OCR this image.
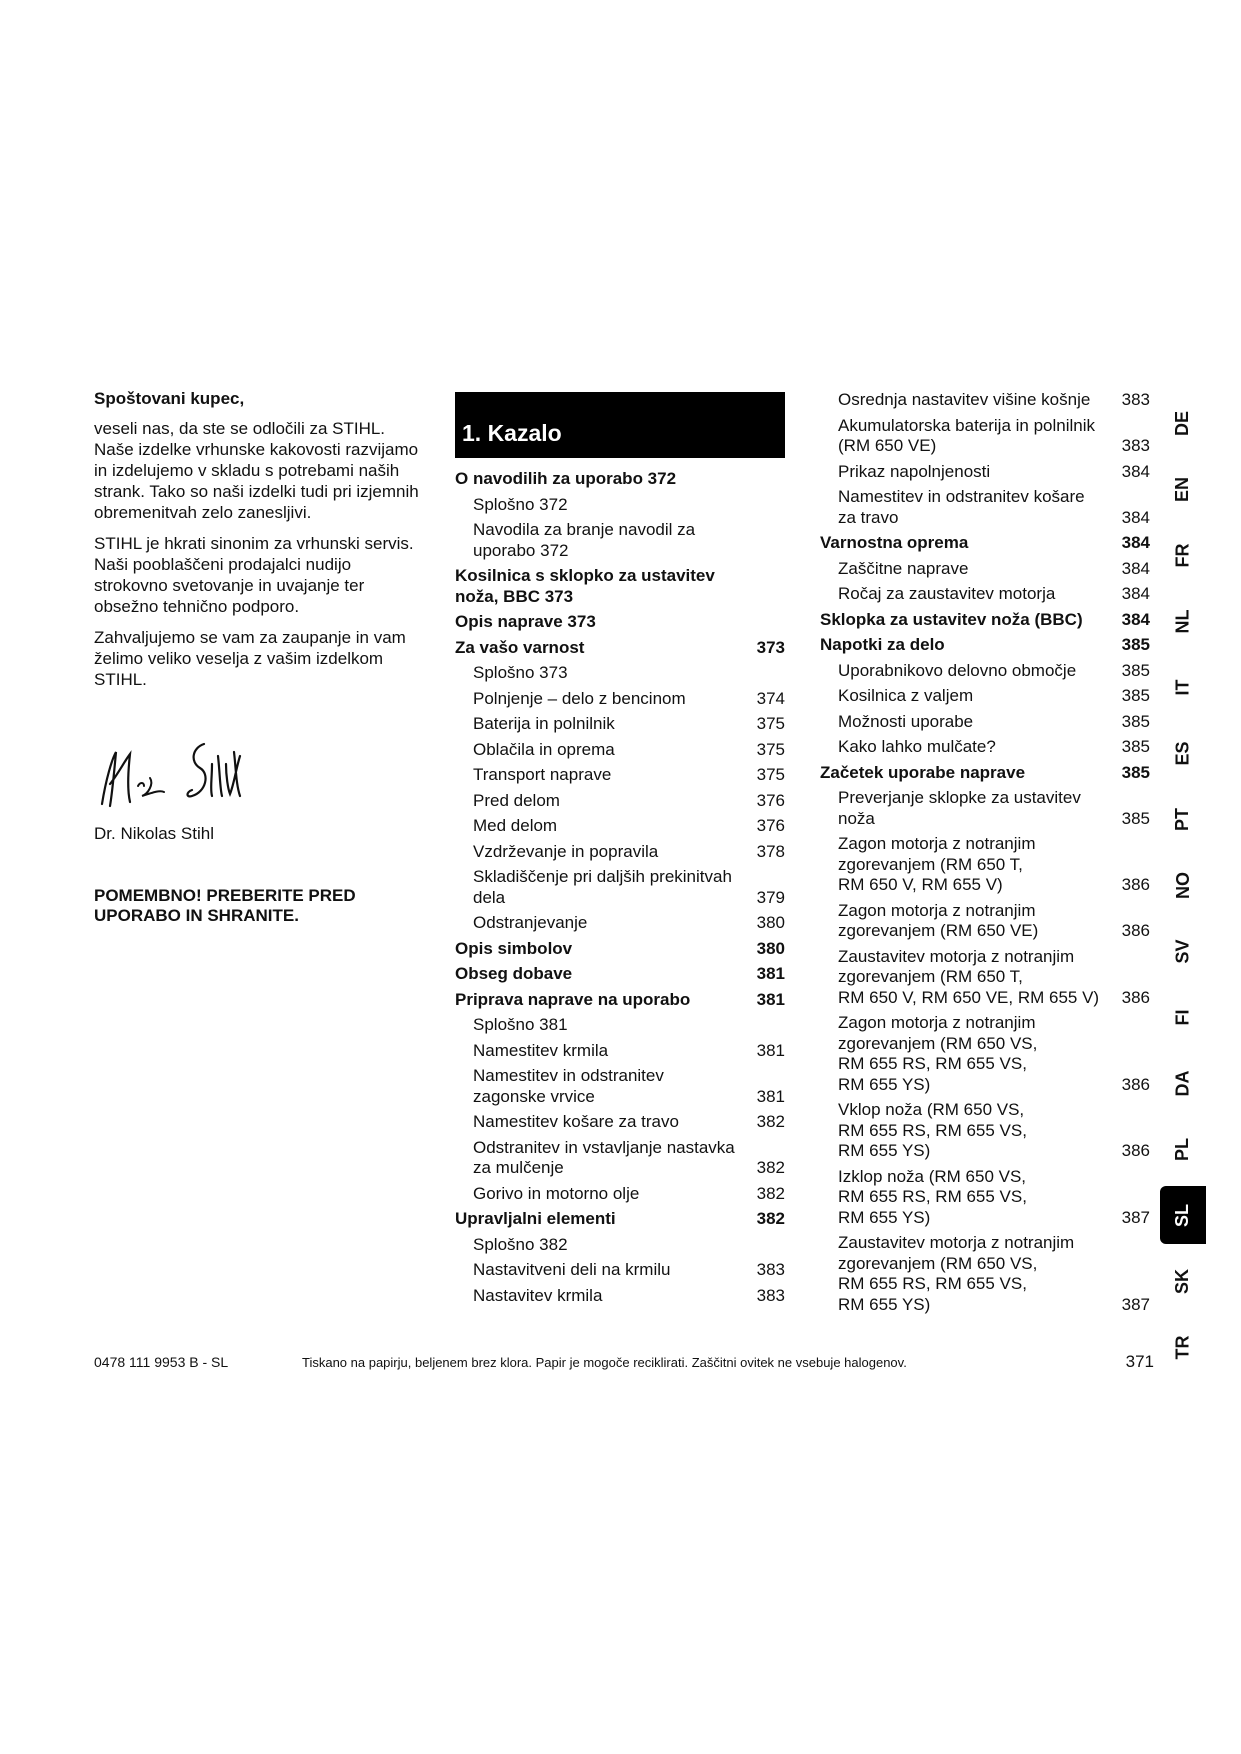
Spoštovani kupec,

veseli nas, da ste se odločili za STIHL. Naše izdelke vrhunske kakovosti razvijamo in izdelujemo v skladu s potrebami naših strank. Tako so naši izdelki tudi pri izjemnih obremenitvah zelo zanesljivi.

STIHL je hkrati sinonim za vrhunski servis. Naši pooblaščeni prodajalci nudijo strokovno svetovanje in uvajanje ter obsežno tehnično podporo.

Zahvaljujemo se vam za zaupanje in vam želimo veliko veselja z vašim izdelkom STIHL.

Dr. Nikolas Stihl
POMEMBNO! PREBERITE PRED
UPORABO IN SHRANITE.
1. Kazalo
O navodilih za uporabo 372
Splošno 372
Navodila za branje navodil za
uporabo 372
Kosilnica s sklopko za ustavitev
noža, BBC 373
Opis naprave 373
Za vašo varnost	373
Splošno 373
Polnjenje – delo z bencinom	374
Baterija in polnilnik	375
Oblačila in oprema	375
Transport naprave	375
Pred delom	376
Med delom	376
Vzdrževanje in popravila	378
Skladiščenje pri daljših prekinitvah
dela	379
Odstranjevanje	380
Opis simbolov	380
Obseg dobave	381
Priprava naprave na uporabo	381
Splošno 381
Namestitev krmila	381
Namestitev in odstranitev
zagonske vrvice	381
Namestitev košare za travo	382
Odstranitev in vstavljanje nastavka
za mulčenje	382
Gorivo in motorno olje	382
Upravljalni elementi	382
Splošno 382
Nastavitveni deli na krmilu	383
Nastavitev krmila	383
Osrednja nastavitev višine košnje	383
Akumulatorska baterija in polnilnik
(RM 650 VE)	383
Prikaz napolnjenosti	384
Namestitev in odstranitev košare
za travo	384
Varnostna oprema	384
Zaščitne naprave	384
Ročaj za zaustavitev motorja	384
Sklopka za ustavitev noža (BBC)	384
Napotki za delo	385
Uporabnikovo delovno območje	385
Kosilnica z valjem	385
Možnosti uporabe	385
Kako lahko mulčate?	385
Začetek uporabe naprave	385
Preverjanje sklopke za ustavitev
noža	385
Zagon motorja z notranjim
zgorevanjem (RM 650 T,
RM 650 V, RM 655 V)	386
Zagon motorja z notranjim
zgorevanjem (RM 650 VE)	386
Zaustavitev motorja z notranjim
zgorevanjem (RM 650 T,
RM 650 V, RM 650 VE, RM 655 V)	386
Zagon motorja z notranjim
zgorevanjem (RM 650 VS,
RM 655 RS, RM 655 VS,
RM 655 YS)	386
Vklop noža (RM 650 VS,
RM 655 RS, RM 655 VS,
RM 655 YS)	386
Izklop noža (RM 650 VS,
RM 655 RS, RM 655 VS,
RM 655 YS)	387
Zaustavitev motorja z notranjim
zgorevanjem (RM 650 VS,
RM 655 RS, RM 655 VS,
RM 655 YS)	387
DE
EN
FR
NL
IT
ES
PT
NO
SV
FI
DA
PL
SL
SK
TR
0478 111 9953 B - SL	Tiskano na papirju, beljenem brez klora. Papir je mogoče reciklirati. Zaščitni ovitek ne vsebuje halogenov.	371
